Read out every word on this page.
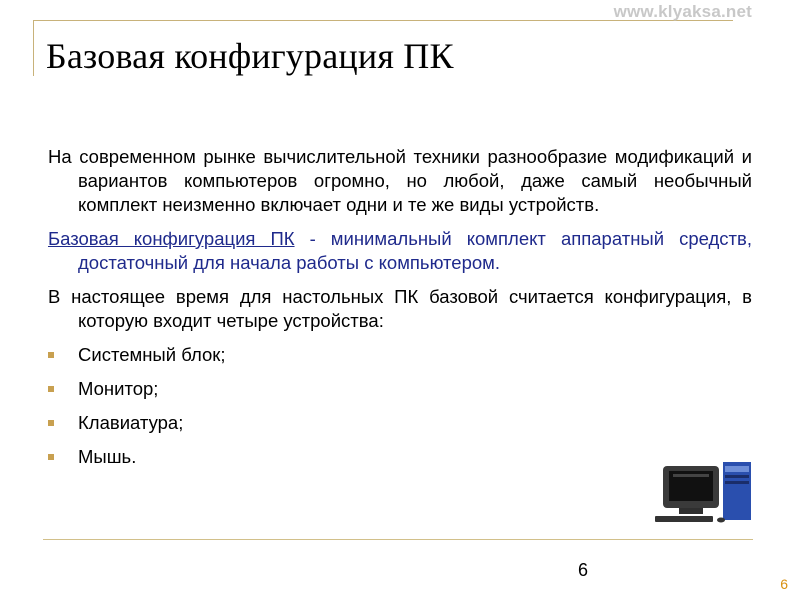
www.klyaksa.net
Базовая конфигурация ПК

На современном рынке вычислительной техники разнообразие модификаций и вариантов компьютеров огромно, но любой, даже самый необычный комплект неизменно включает одни и те же виды устройств.

Базовая конфигурация ПК - минимальный комплект аппаратный средств, достаточный для начала работы с компьютером.

В настоящее время для настольных ПК базовой считается конфигурация, в которую входит четыре устройства:

Системный блок;
Монитор;
Клавиатура;
Мышь.
6
6
